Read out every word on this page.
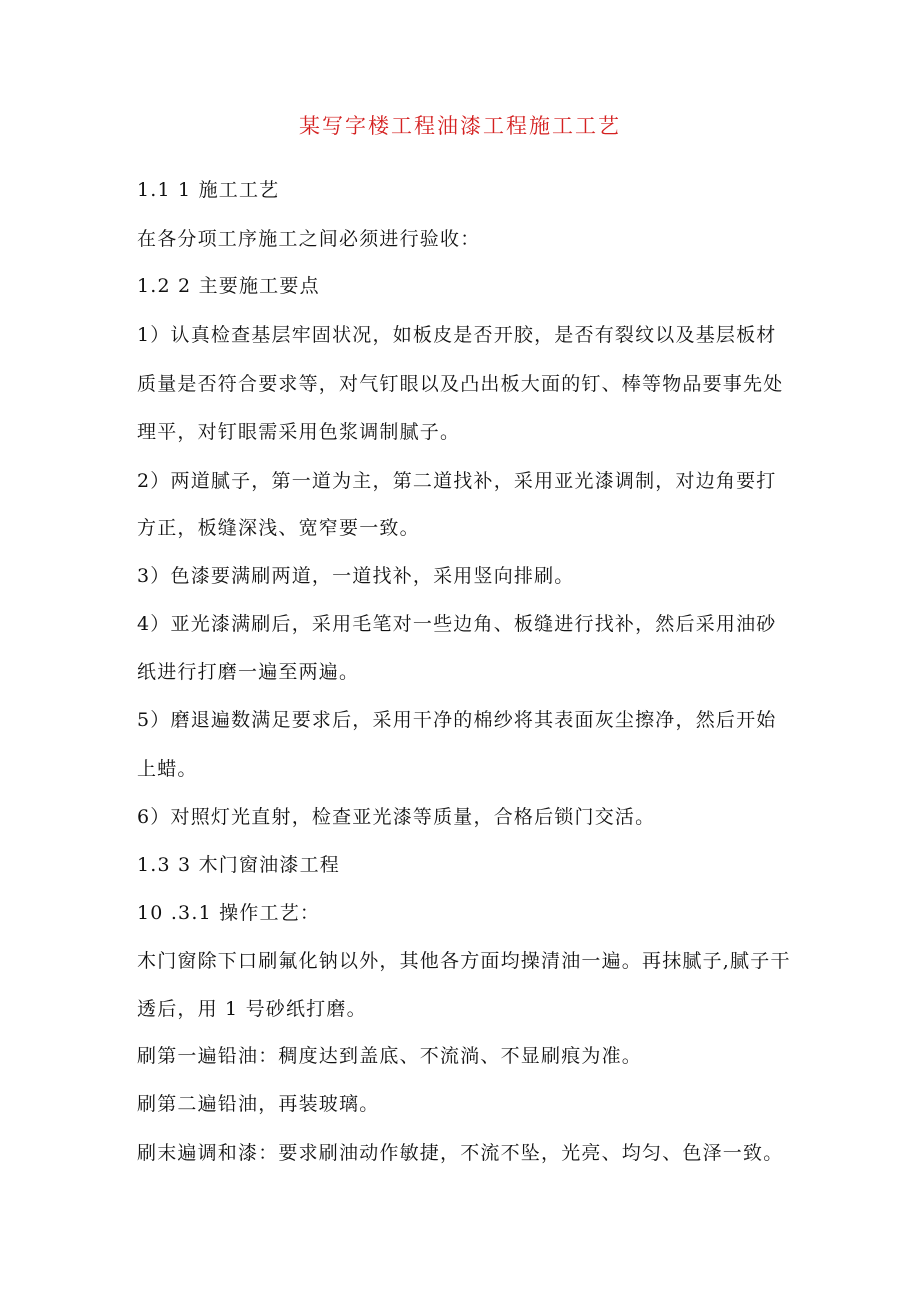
某写字楼工程油漆工程施工工艺
1.1 1 施工工艺
在各分项工序施工之间必须进行验收：
1.2 2 主要施工要点
1）认真检查基层牢固状况，如板皮是否开胶，是否有裂纹以及基层板材
质量是否符合要求等，对气钉眼以及凸出板大面的钉、棒等物品要事先处
理平，对钉眼需采用色浆调制腻子。
2）两道腻子，第一道为主，第二道找补，采用亚光漆调制，对边角要打
方正，板缝深浅、宽窄要一致。
3）色漆要满刷两道，一道找补，采用竖向排刷。
4）亚光漆满刷后，采用毛笔对一些边角、板缝进行找补，然后采用油砂
纸进行打磨一遍至两遍。
5）磨退遍数满足要求后，采用干净的棉纱将其表面灰尘擦净，然后开始
上蜡。
6）对照灯光直射，检查亚光漆等质量，合格后锁门交活。
1.3 3 木门窗油漆工程
10 .3.1 操作工艺：
木门窗除下口刷氟化钠以外，其他各方面均操清油一遍。再抹腻子,腻子干
透后，用 1 号砂纸打磨。
刷第一遍铅油：稠度达到盖底、不流淌、不显刷痕为准。
刷第二遍铅油，再装玻璃。
刷末遍调和漆：要求刷油动作敏捷，不流不坠，光亮、均匀、色泽一致。
